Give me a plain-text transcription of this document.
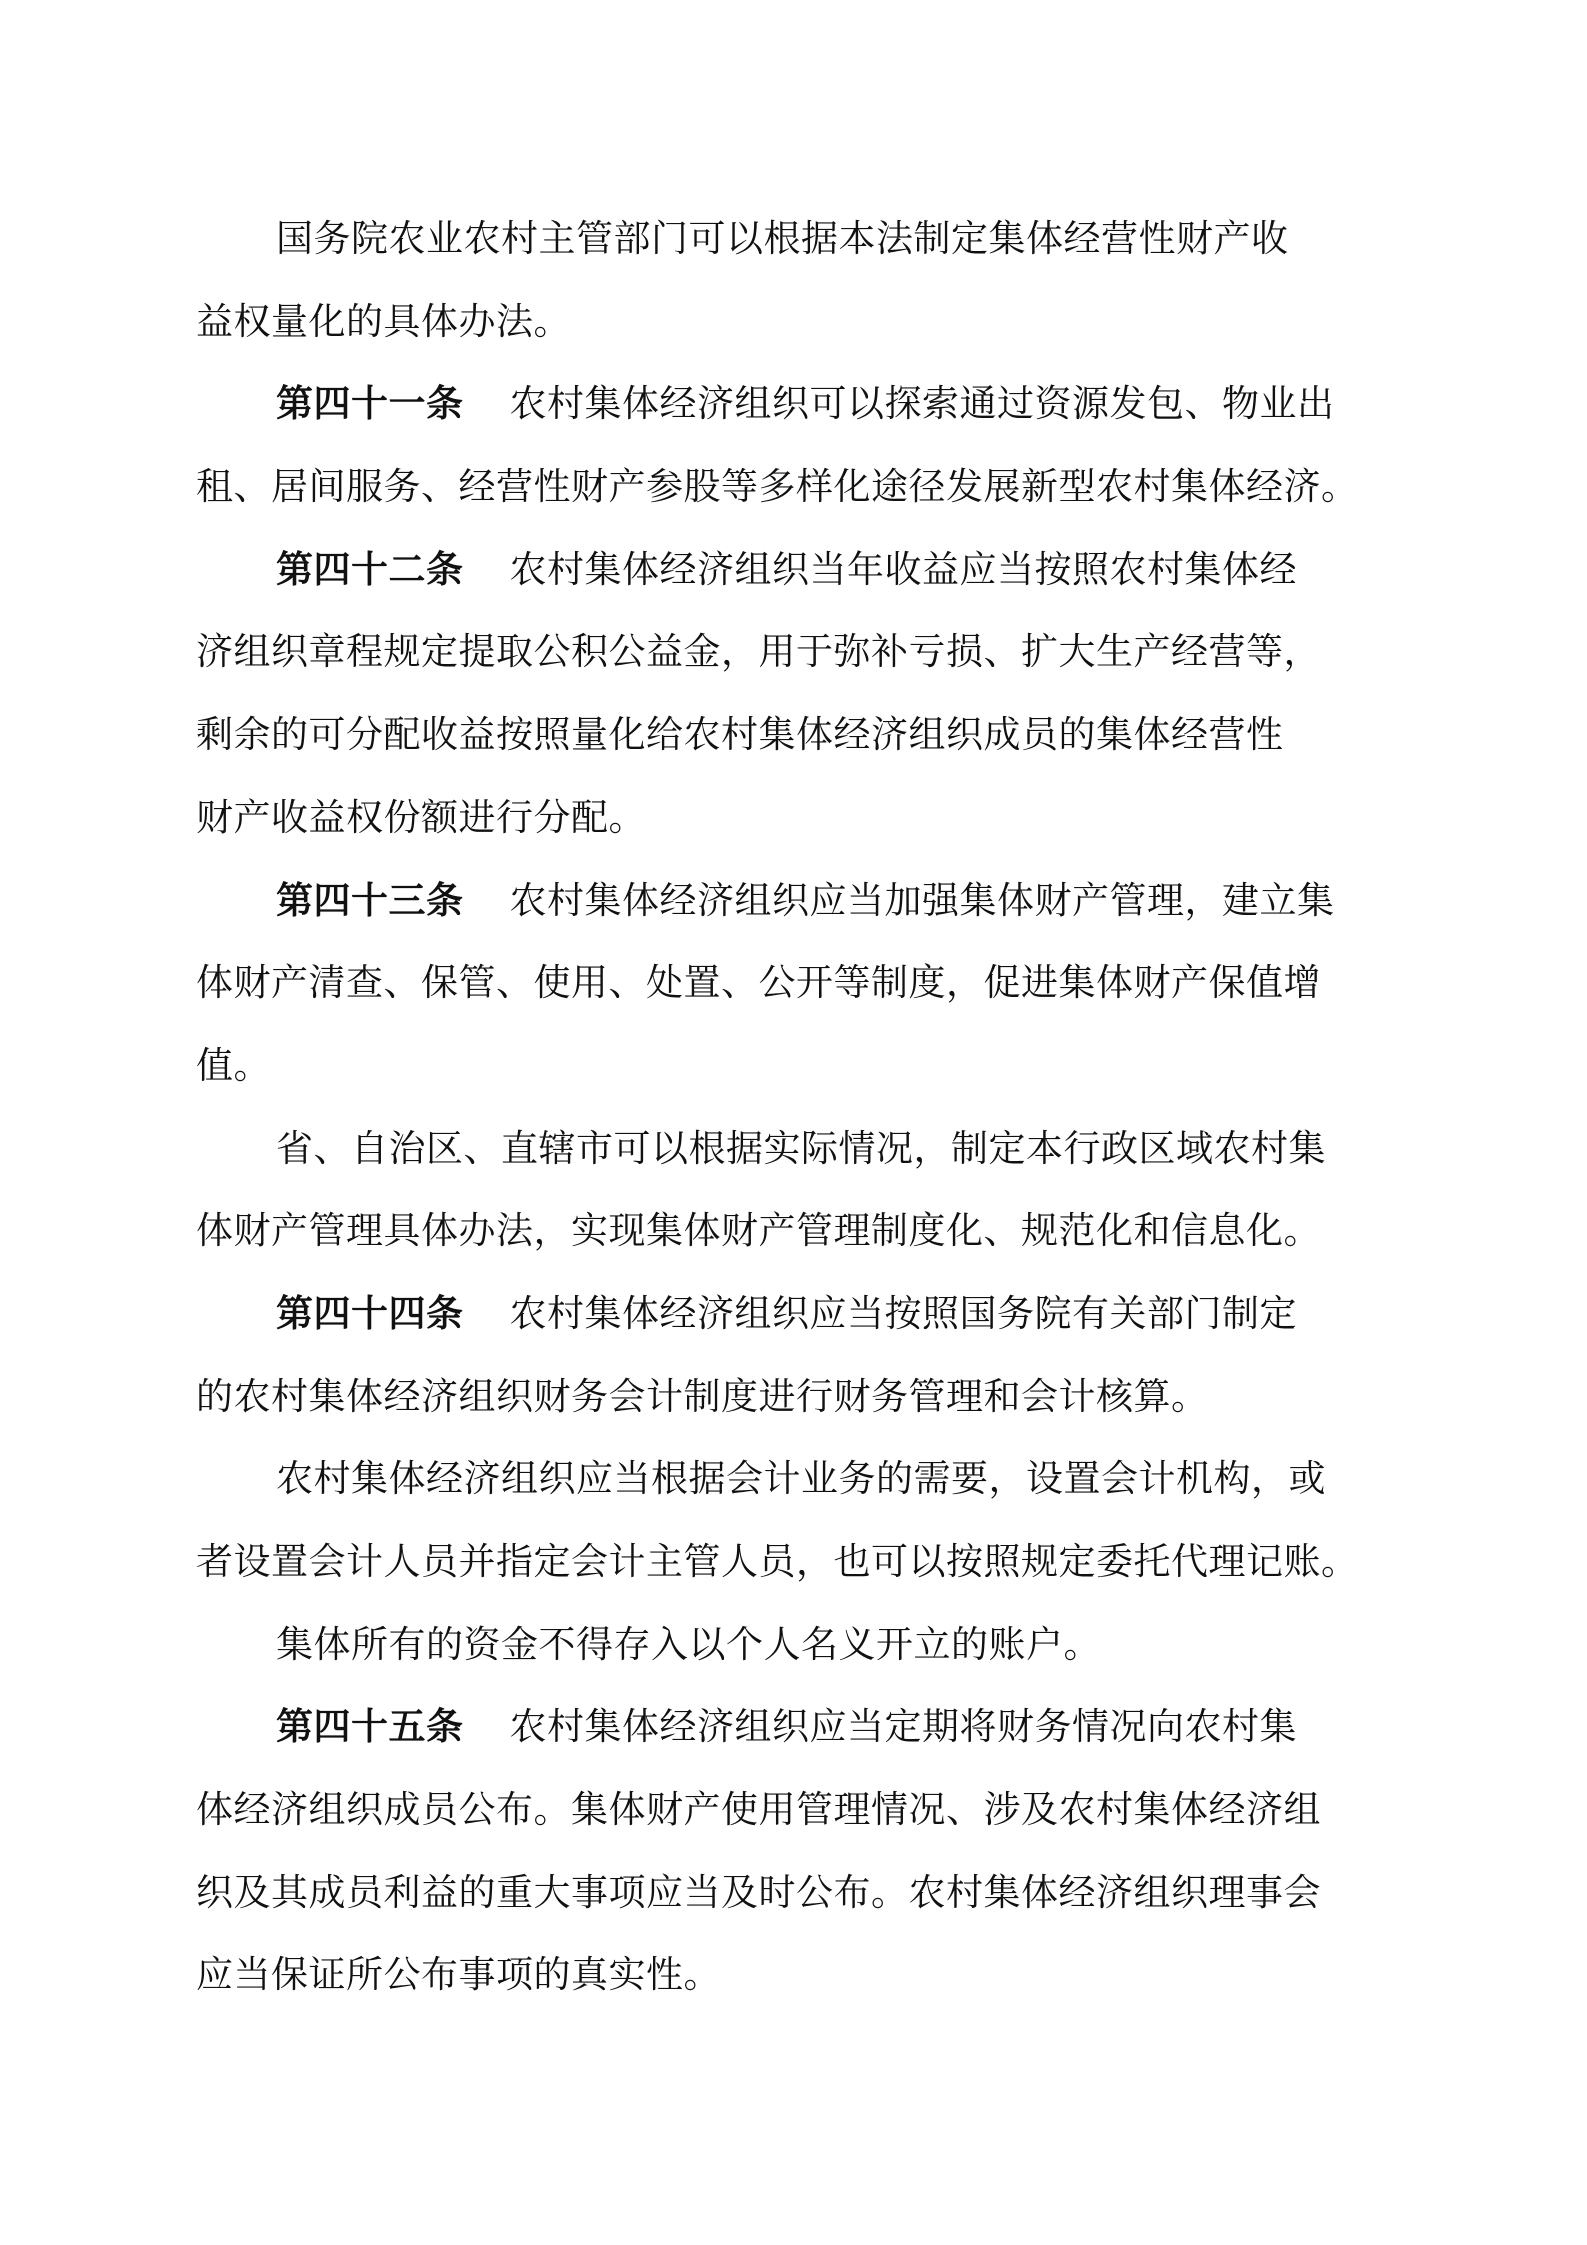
国务院农业农村主管部门可以根据本法制定集体经营性财产收
益权量化的具体办法。
第四十一条 农村集体经济组织可以探索通过资源发包、物业出
租、居间服务、经营性财产参股等多样化途径发展新型农村集体经济。
第四十二条 农村集体经济组织当年收益应当按照农村集体经
济组织章程规定提取公积公益金，用于弥补亏损、扩大生产经营等，
剩余的可分配收益按照量化给农村集体经济组织成员的集体经营性
财产收益权份额进行分配。
第四十三条 农村集体经济组织应当加强集体财产管理，建立集
体财产清查、保管、使用、处置、公开等制度，促进集体财产保值增
值。
省、自治区、直辖市可以根据实际情况，制定本行政区域农村集
体财产管理具体办法，实现集体财产管理制度化、规范化和信息化。
第四十四条 农村集体经济组织应当按照国务院有关部门制定
的农村集体经济组织财务会计制度进行财务管理和会计核算。
农村集体经济组织应当根据会计业务的需要，设置会计机构，或
者设置会计人员并指定会计主管人员，也可以按照规定委托代理记账。
集体所有的资金不得存入以个人名义开立的账户。
第四十五条 农村集体经济组织应当定期将财务情况向农村集
体经济组织成员公布。集体财产使用管理情况、涉及农村集体经济组
织及其成员利益的重大事项应当及时公布。农村集体经济组织理事会
应当保证所公布事项的真实性。
